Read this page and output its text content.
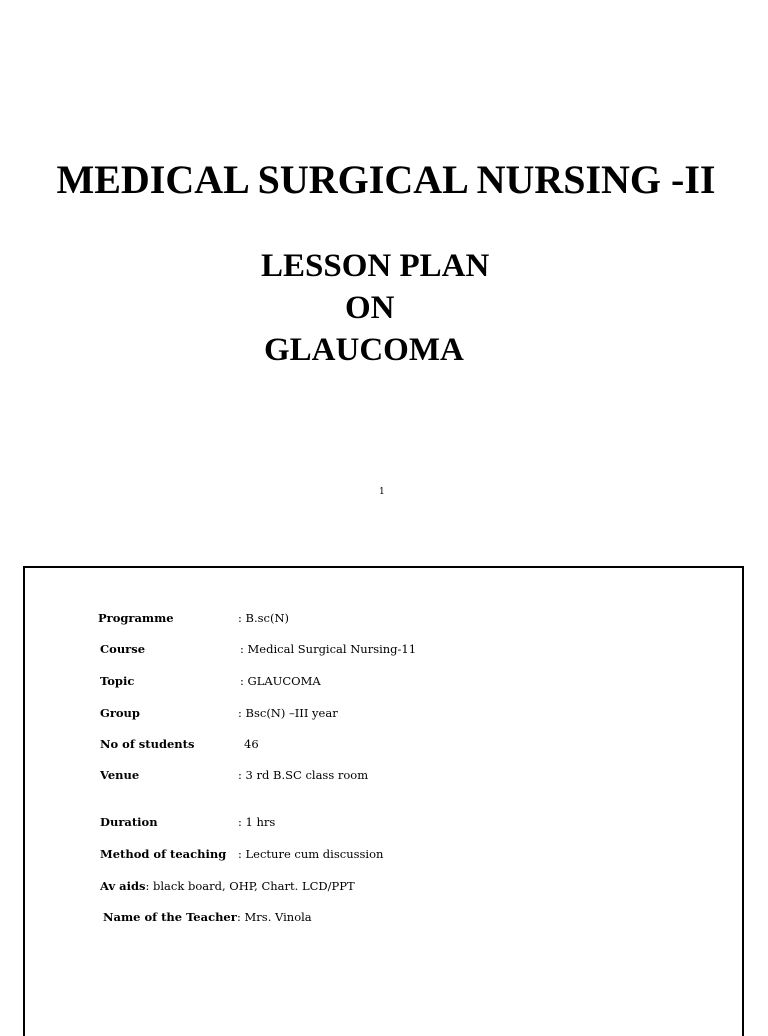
MEDICAL SURGICAL NURSING -II
LESSON PLAN
ON
GLAUCOMA
1
Programme	: B.sc(N)
Course	: Medical Surgical Nursing-11
Topic	: GLAUCOMA
Group	: Bsc(N) –III year
No of students	46
Venue	: 3 rd B.SC class room
Duration	: 1 hrs
Method of teaching : Lecture cum discussion
Av aids: black board, OHP, Chart. LCD/PPT
Name of the Teacher : Mrs. Vinola
